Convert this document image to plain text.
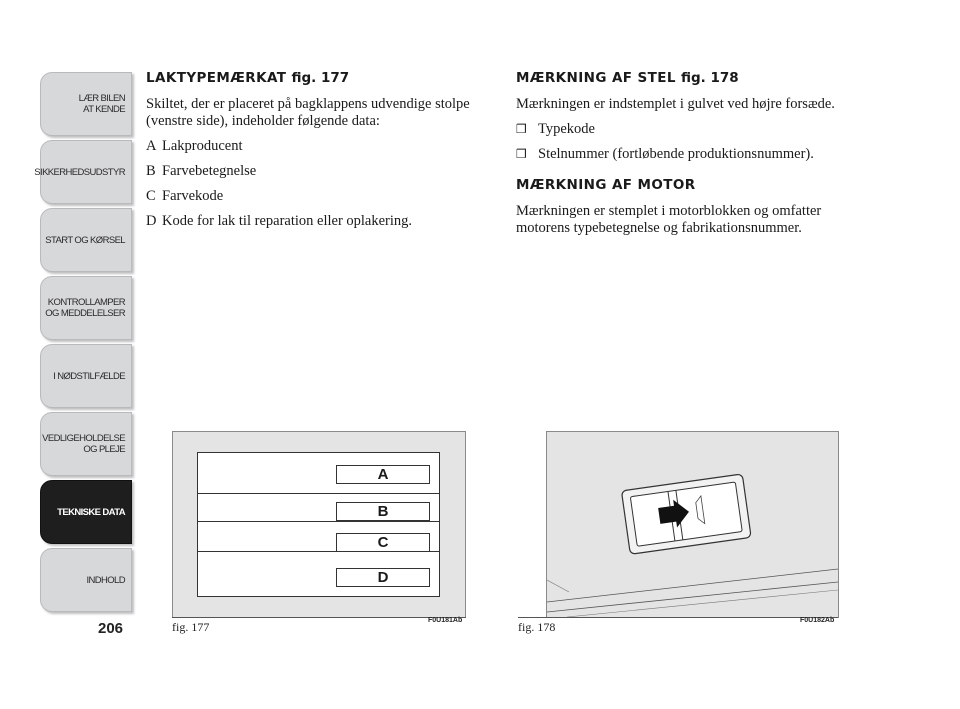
LÆR BILEN
AT KENDE
SIKKERHEDSUDSTYR
START OG KØRSEL
KONTROLLAMPER
OG MEDDELELSER
I NØDSTILFÆLDE
VEDLIGEHOLDELSE
OG PLEJE
TEKNISKE DATA
INDHOLD
206

LAKTYPEMÆRKAT fig. 177

Skiltet, der er placeret på bagklappens udvendige stolpe (venstre side), indeholder følgende data:

A Lakproducent
B Farvebetegnelse
C Farvekode
D Kode for lak til reparation eller oplakering.

MÆRKNING AF STEL fig. 178

Mærkningen er indstemplet i gulvet ved højre forsæde.

❒ Typekode
❒ Stelnummer (fortløbende produktionsnummer).

MÆRKNING AF MOTOR

Mærkningen er stemplet i motorblokken og omfatter motorens typebetegnelse og fabrikationsnummer.

A
B
C
D
fig. 177	F0U181Ab	fig. 178	F0U182Ab
